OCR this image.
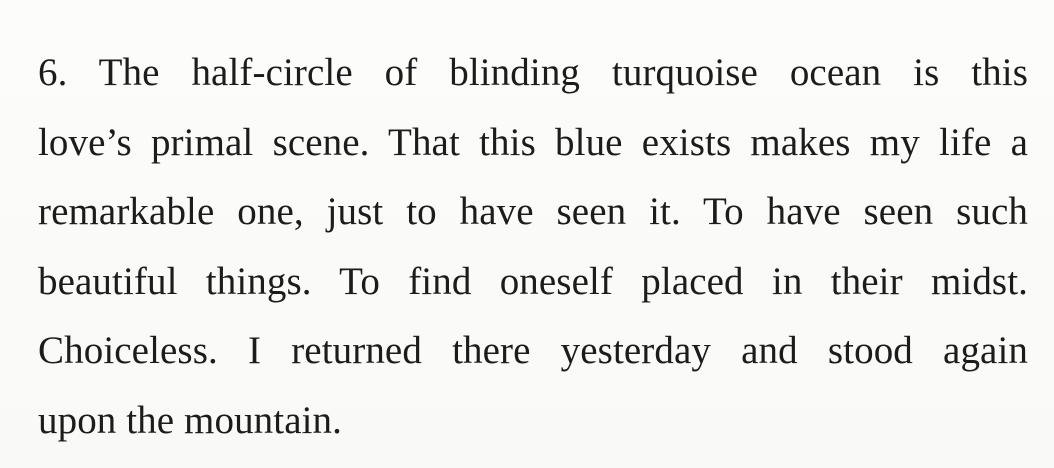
6. The half-circle of blinding turquoise ocean is this
love’s primal scene. That this blue exists makes my life a
remarkable one, just to have seen it. To have seen such
beautiful things. To find oneself placed in their midst.
Choiceless. I returned there yesterday and stood again
upon the mountain.
